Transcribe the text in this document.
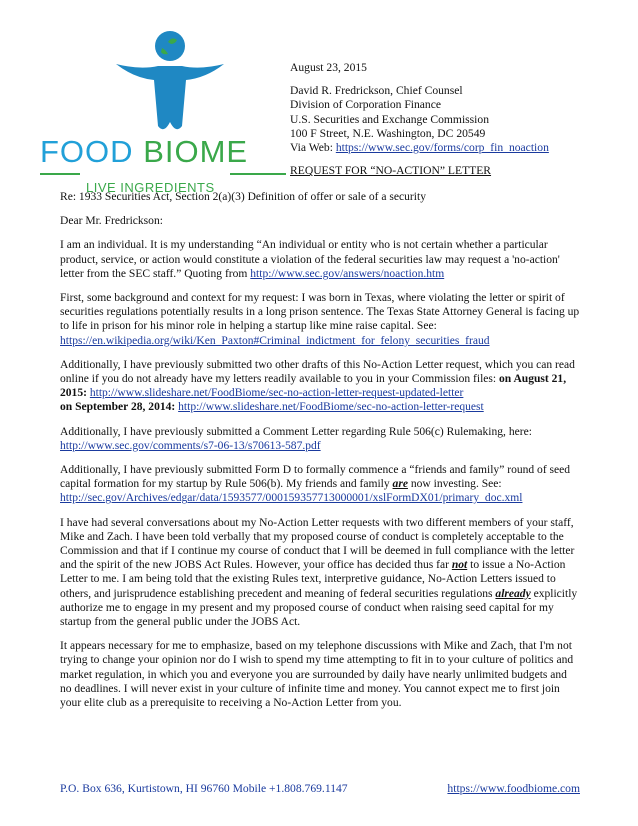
FOOD BIOME
LIVE INGREDIENTS

August 23, 2015

David R. Fredrickson, Chief Counsel

Division of Corporation Finance

U.S. Securities and Exchange Commission

100 F Street, N.E. Washington, DC 20549

Via Web: https://www.sec.gov/forms/corp_fin_noaction

REQUEST FOR “NO-ACTION” LETTER

Re: 1933 Securities Act, Section 2(a)(3) Definition of offer or sale of a security

Dear Mr. Fredrickson:

I am an individual. It is my understanding “An individual or entity who is not certain whether a particular product, service, or action would constitute a violation of the federal securities law may request a 'no-action' letter from the SEC staff.” Quoting from http://www.sec.gov/answers/noaction.htm

First, some background and context for my request: I was born in Texas, where violating the letter or spirit of securities regulations potentially results in a long prison sentence. The Texas State Attorney General is facing up to life in prison for his minor role in helping a startup like mine raise capital. See: https://en.wikipedia.org/wiki/Ken_Paxton#Criminal_indictment_for_felony_securities_fraud

Additionally, I have previously submitted two other drafts of this No-Action Letter request, which you can read online if you do not already have my letters readily available to you in your Commission files: on August 21, 2015: http://www.slideshare.net/FoodBiome/sec-no-action-letter-request-updated-letter
on September 28, 2014: http://www.slideshare.net/FoodBiome/sec-no-action-letter-request

Additionally, I have previously submitted a Comment Letter regarding Rule 506(c) Rulemaking, here: http://www.sec.gov/comments/s7-06-13/s70613-587.pdf

Additionally, I have previously submitted Form D to formally commence a “friends and family” round of seed capital formation for my startup by Rule 506(b). My friends and family are now investing. See: http://sec.gov/Archives/edgar/data/1593577/000159357713000001/xslFormDX01/primary_doc.xml

I have had several conversations about my No-Action Letter requests with two different members of your staff, Mike and Zach. I have been told verbally that my proposed course of conduct is completely acceptable to the Commission and that if I continue my course of conduct that I will be deemed in full compliance with the letter and the spirit of the new JOBS Act Rules. However, your office has decided thus far not to issue a No-Action Letter to me. I am being told that the existing Rules text, interpretive guidance, No-Action Letters issued to others, and jurisprudence establishing precedent and meaning of federal securities regulations already explicitly authorize me to engage in my present and my proposed course of conduct when raising seed capital for my startup from the general public under the JOBS Act.

It appears necessary for me to emphasize, based on my telephone discussions with Mike and Zach, that I'm not trying to change your opinion nor do I wish to spend my time attempting to fit in to your culture of politics and market regulation, in which you and everyone you are surrounded by daily have nearly unlimited budgets and no deadlines. I will never exist in your culture of infinite time and money. You cannot expect me to first join your elite club as a prerequisite to receiving a No-Action Letter from you.

P.O. Box 636, Kurtistown, HI 96760 Mobile +1.808.769.1147	https://www.foodbiome.com
